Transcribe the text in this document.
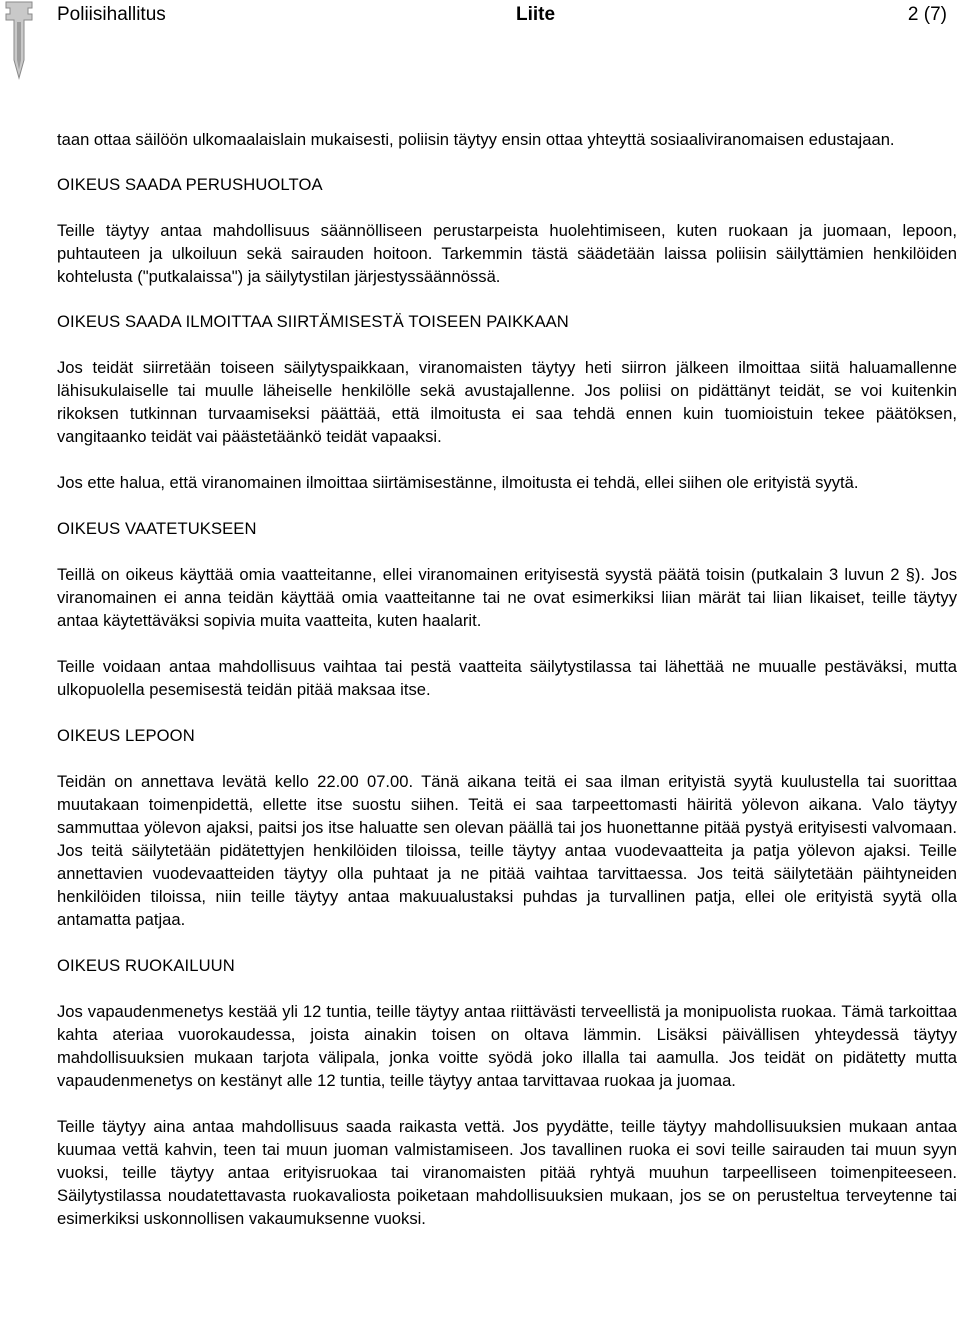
Poliisihallitus	Liite	2 (7)

taan ottaa säilöön ulkomaalaislain mukaisesti, poliisin täytyy ensin ottaa yhteyttä sosiaaliviranomaisen edustajaan.

OIKEUS SAADA PERUSHUOLTOA

Teille täytyy antaa mahdollisuus säännölliseen perustarpeista huolehtimiseen, kuten ruokaan ja juomaan, lepoon, puhtauteen ja ulkoiluun sekä sairauden hoitoon. Tarkemmin tästä säädetään laissa poliisin säilyttämien henkilöiden kohtelusta ("putkalaissa") ja säilytystilan järjestyssäännössä.

OIKEUS SAADA ILMOITTAA SIIRTÄMISESTÄ TOISEEN PAIKKAAN

Jos teidät siirretään toiseen säilytyspaikkaan, viranomaisten täytyy heti siirron jälkeen ilmoittaa siitä haluamallenne lähisukulaiselle tai muulle läheiselle henkilölle sekä avustajallenne. Jos poliisi on pidättänyt teidät, se voi kuitenkin rikoksen tutkinnan turvaamiseksi päättää, että ilmoitusta ei saa tehdä ennen kuin tuomioistuin tekee päätöksen, vangitaanko teidät vai päästetäänkö teidät vapaaksi.

Jos ette halua, että viranomainen ilmoittaa siirtämisestänne, ilmoitusta ei tehdä, ellei siihen ole erityistä syytä.

OIKEUS VAATETUKSEEN

Teillä on oikeus käyttää omia vaatteitanne, ellei viranomainen erityisestä syystä päätä toisin (putkalain 3 luvun 2 §). Jos viranomainen ei anna teidän käyttää omia vaatteitanne tai ne ovat esimerkiksi liian märät tai liian likaiset, teille täytyy antaa käytettäväksi sopivia muita vaatteita, kuten haalarit.

Teille voidaan antaa mahdollisuus vaihtaa tai pestä vaatteita säilytystilassa tai lähettää ne muualle pestäväksi, mutta ulkopuolella pesemisestä teidän pitää maksaa itse.

OIKEUS LEPOON

Teidän on annettava levätä kello 22.00 07.00. Tänä aikana teitä ei saa ilman erityistä syytä kuulustella tai suorittaa muutakaan toimenpidettä, ellette itse suostu siihen. Teitä ei saa tarpeettomasti häiritä yölevon aikana. Valo täytyy sammuttaa yölevon ajaksi, paitsi jos itse haluatte sen olevan päällä tai jos huonettanne pitää pystyä erityisesti valvomaan. Jos teitä säilytetään pidätettyjen henkilöiden tiloissa, teille täytyy antaa vuodevaatteita ja patja yölevon ajaksi. Teille annettavien vuodevaatteiden täytyy olla puhtaat ja ne pitää vaihtaa tarvittaessa. Jos teitä säilytetään päihtyneiden henkilöiden tiloissa, niin teille täytyy antaa makuualustaksi puhdas ja turvallinen patja, ellei ole erityistä syytä olla antamatta patjaa.

OIKEUS RUOKAILUUN

Jos vapaudenmenetys kestää yli 12 tuntia, teille täytyy antaa riittävästi terveellistä ja monipuolista ruokaa. Tämä tarkoittaa kahta ateriaa vuorokaudessa, joista ainakin toisen on oltava lämmin. Lisäksi päivällisen yhteydessä täytyy mahdollisuuksien mukaan tarjota välipala, jonka voitte syödä joko illalla tai aamulla. Jos teidät on pidätetty mutta vapaudenmenetys on kestänyt alle 12 tuntia, teille täytyy antaa tarvittavaa ruokaa ja juomaa.

Teille täytyy aina antaa mahdollisuus saada raikasta vettä. Jos pyydätte, teille täytyy mahdollisuuksien mukaan antaa kuumaa vettä kahvin, teen tai muun juoman valmistamiseen. Jos tavallinen ruoka ei sovi teille sairauden tai muun syyn vuoksi, teille täytyy antaa erityisruokaa tai viranomaisten pitää ryhtyä muuhun tarpeelliseen toimenpiteeseen. Säilytystilassa noudatettavasta ruokavaliosta poiketaan mahdollisuuksien mukaan, jos se on perusteltua terveytenne tai esimerkiksi uskonnollisen vakaumuksenne vuoksi.
